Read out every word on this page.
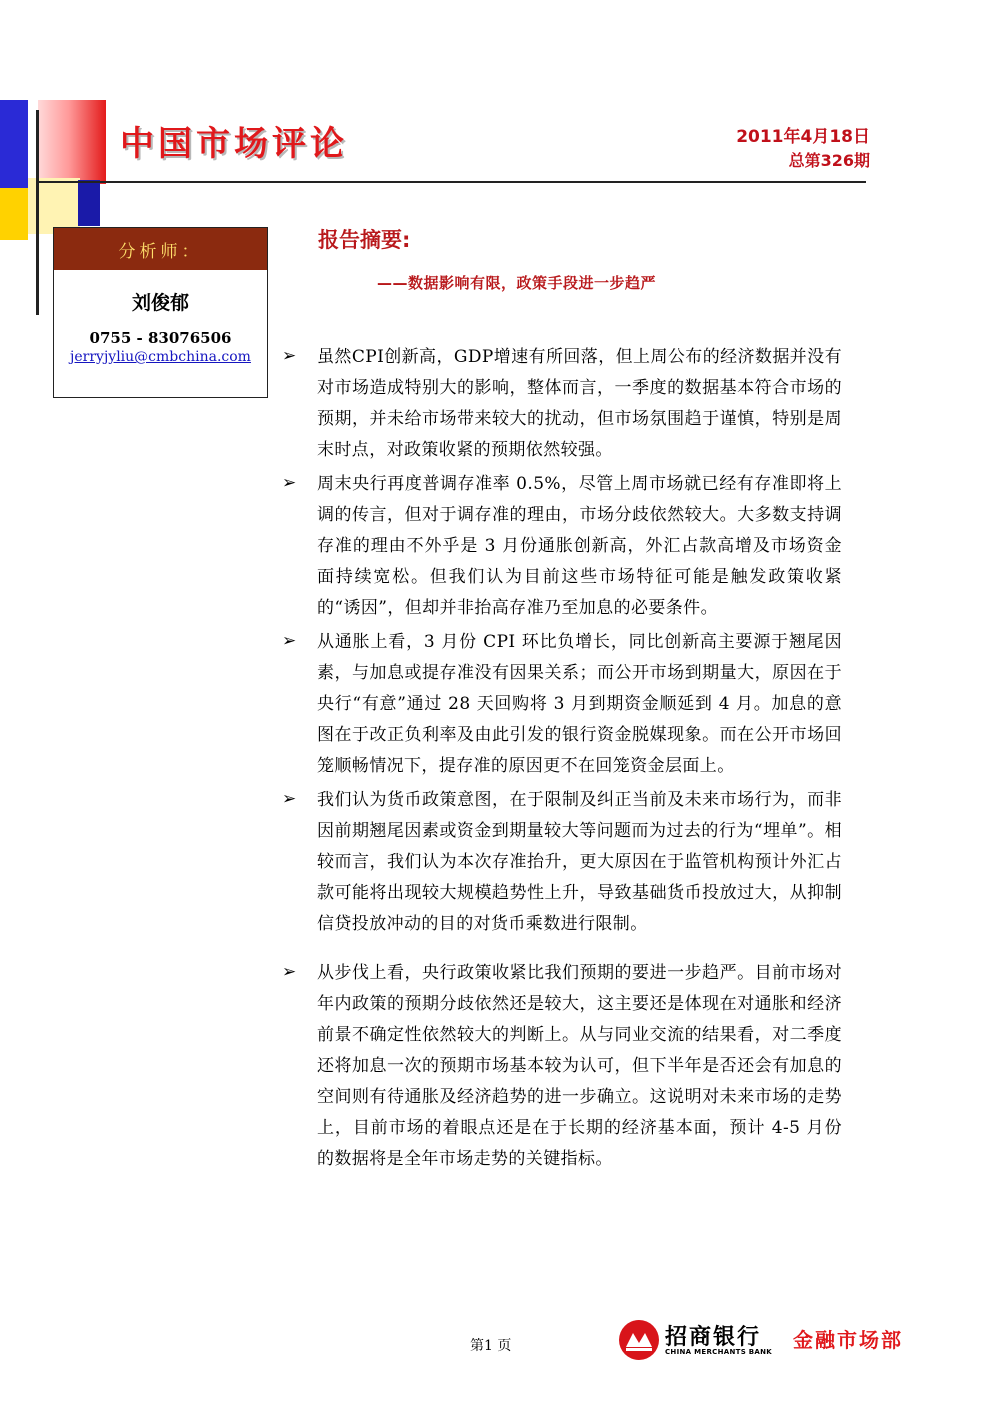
中国市场评论	2011年4月18日
总第326期
分析师：
刘俊郁
0755 - 83076506
jerryjyliu@cmbchina.com
报告摘要:
——数据影响有限，政策手段进一步趋严
➢ 虽然CPI创新高，GDP增速有所回落，但上周公布的经济数据并没有对市场造成特别大的影响，整体而言，一季度的数据基本符合市场的预期，并未给市场带来较大的扰动，但市场氛围趋于谨慎，特别是周末时点，对政策收紧的预期依然较强。
➢ 周末央行再度普调存准率 0.5%，尽管上周市场就已经有存准即将上调的传言，但对于调存准的理由，市场分歧依然较大。大多数支持调存准的理由不外乎是 3 月份通胀创新高，外汇占款高增及市场资金面持续宽松。但我们认为目前这些市场特征可能是触发政策收紧的“诱因”，但却并非抬高存准乃至加息的必要条件。
➢ 从通胀上看，3 月份 CPI 环比负增长，同比创新高主要源于翘尾因素，与加息或提存准没有因果关系；而公开市场到期量大，原因在于央行“有意”通过 28 天回购将 3 月到期资金顺延到 4 月。加息的意图在于改正负利率及由此引发的银行资金脱媒现象。而在公开市场回笼顺畅情况下，提存准的原因更不在回笼资金层面上。
➢ 我们认为货币政策意图，在于限制及纠正当前及未来市场行为，而非因前期翘尾因素或资金到期量较大等问题而为过去的行为“埋单”。相较而言，我们认为本次存准抬升，更大原因在于监管机构预计外汇占款可能将出现较大规模趋势性上升，导致基础货币投放过大，从抑制信贷投放冲动的目的对货币乘数进行限制。
➢ 从步伐上看，央行政策收紧比我们预期的要进一步趋严。目前市场对年内政策的预期分歧依然还是较大，这主要还是体现在对通胀和经济前景不确定性依然较大的判断上。从与同业交流的结果看，对二季度还将加息一次的预期市场基本较为认可，但下半年是否还会有加息的空间则有待通胀及经济趋势的进一步确立。这说明对未来市场的走势上，目前市场的着眼点还是在于长期的经济基本面，预计 4-5 月份的数据将是全年市场走势的关键指标。
第1 页	招商银行
CHINA MERCHANTS BANK 金融市场部
